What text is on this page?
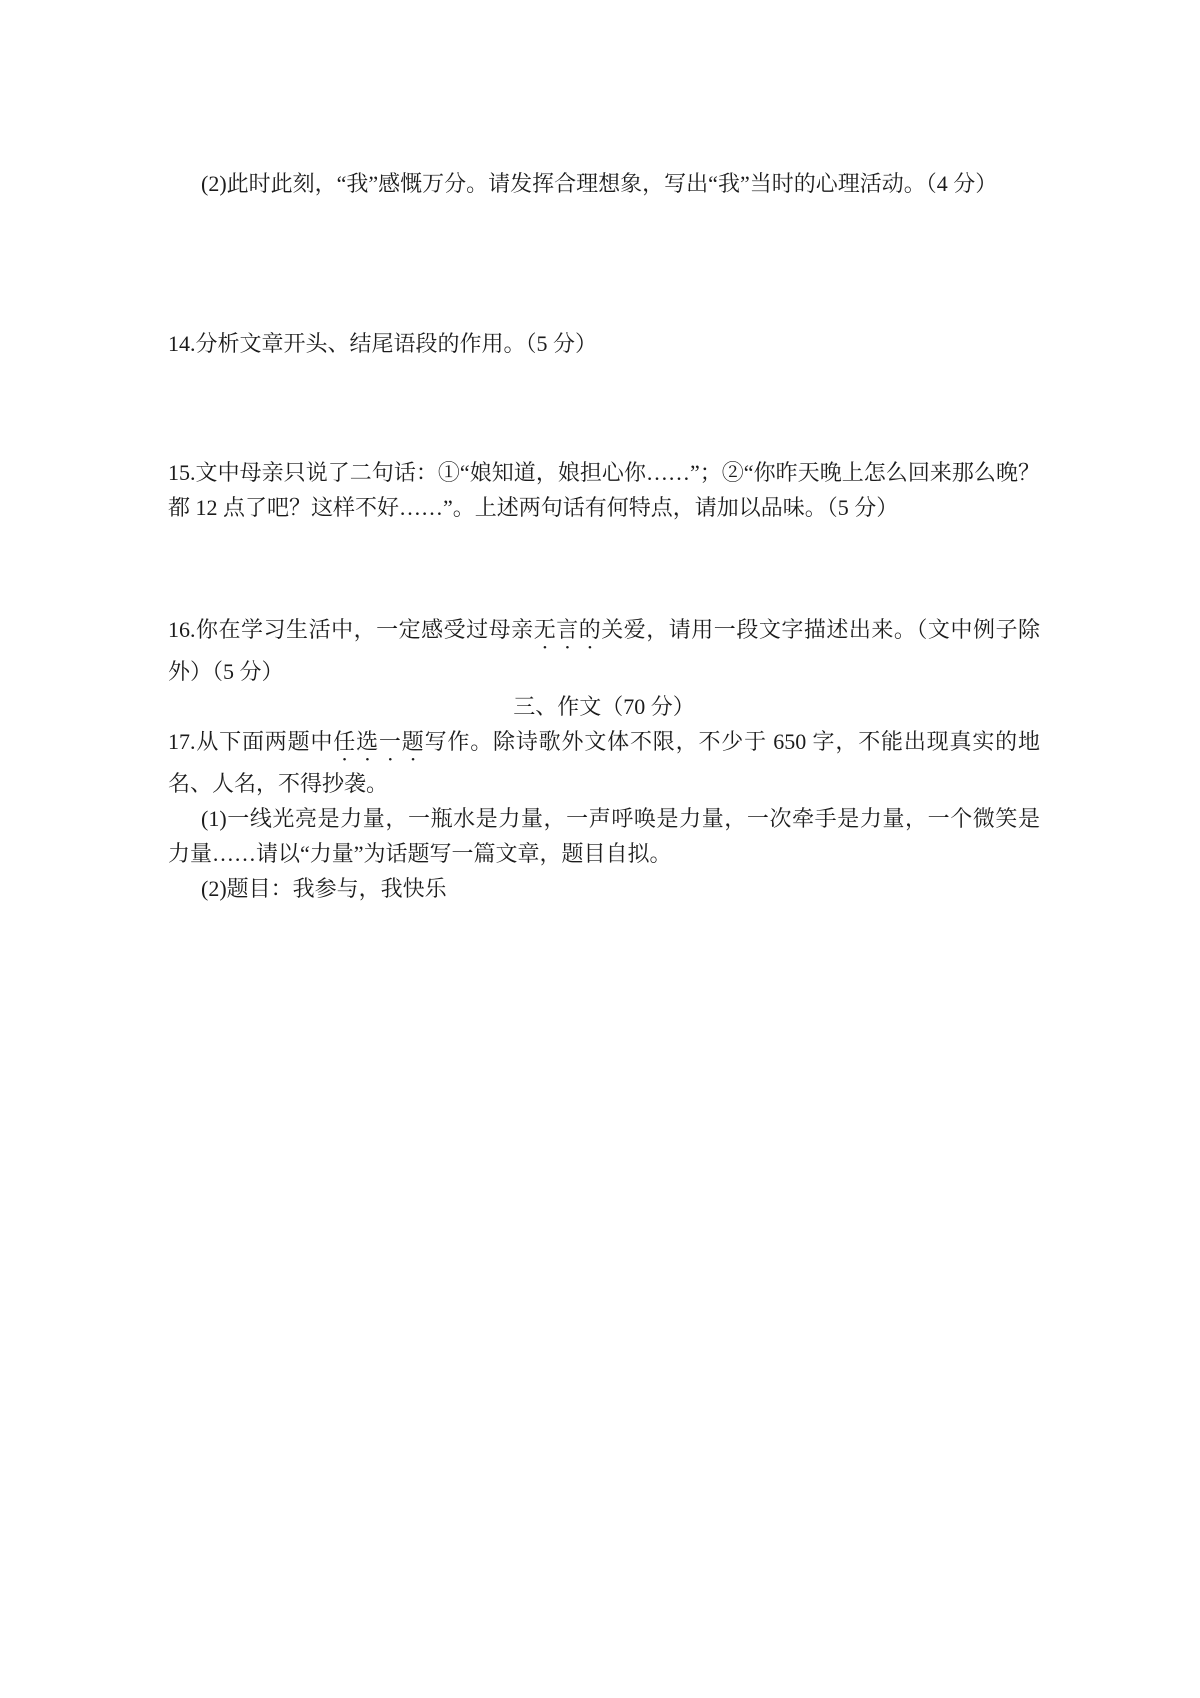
(2)此时此刻，“我”感慨万分。请发挥合理想象，写出“我”当时的心理活动。（4 分）

14.分析文章开头、结尾语段的作用。（5 分）

15.文中母亲只说了二句话：①“娘知道，娘担心你……”；②“你昨天晚上怎么回来那么晚？都 12 点了吧？这样不好……”。上述两句话有何特点，请加以品味。（5 分）

16.你在学习生活中，一定感受过母亲无言的关爱，请用一段文字描述出来。（文中例子除外）（5 分）

三、作文（70 分）

17.从下面两题中任选一题写作。除诗歌外文体不限，不少于 650 字，不能出现真实的地名、人名，不得抄袭。

(1)一线光亮是力量，一瓶水是力量，一声呼唤是力量，一次牵手是力量，一个微笑是力量……请以“力量”为话题写一篇文章，题目自拟。

(2)题目：我参与，我快乐
